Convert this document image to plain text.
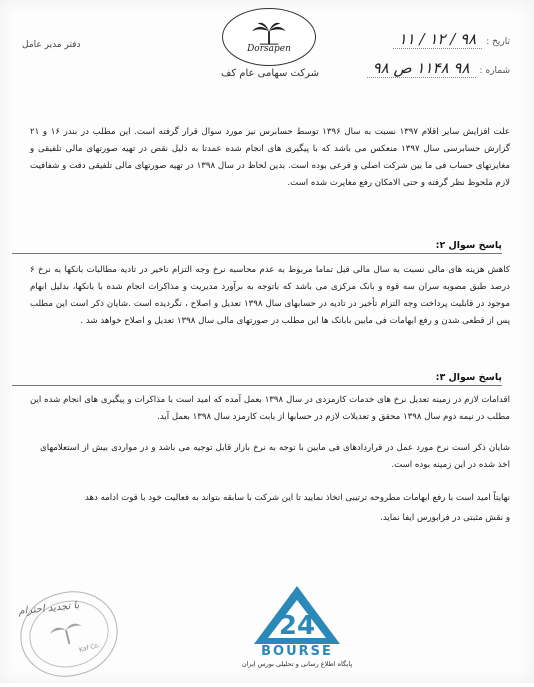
Dorsapen
شرکت سهامی عام کف
دفتر مدیر عامل	تاریخ :
۹۸ / ۱۲ / ۱۱
شماره :
۹۸ ۱۱۴۸ ص ۹۸
علت افزایش سایر اقلام ۱۳۹۷ نسبت به سال ۱۳۹۶ توسط حسابرس نیز مورد سوال قرار گرفته است. این مطلب در بندر ۱۶ و ۲۱ گزارش حسابرسی سال ۱۳۹۷ منعکس می باشد که با پیگیری های انجام شده عمدتا به دلیل نقص در تهیه صورتهای مالی تلفیقی و مغایرتهای حساب فی ما بین شرکت اصلی و فرعی بوده است. بدین لحاظ در سال ۱۳۹۸ در تهیه صورتهای مالی تلفیقی دقت و شفافیت لازم ملحوظ نظر گرفته و حتی الامکان رفع مغایرت شده است.
پاسخ سوال ۲:
کاهش هزینه های مالی نسبت به سال مالی قبل تماما مربوط به عدم محاسبه نرخ وجه التزام تاخیر در تادیه مطالبات بانکها به نرخ ۶ درصد طبق مصوبه سران سه قوه و بانک مرکزی می باشد که باتوجه به برآورد مدیریت و مذاکرات انجام شده با بانکها، بدلیل ابهام موجود در قابلیت پرداخت وجه التزام تأخیر در تادیه در حسابهای سال ۱۳۹۸ تعدیل و اصلاح ، نگردیده است .شایان ذکر است این مطلب پس از قطعی شدن و رفع ابهامات فی مابین بابانک ها این مطلب در صورتهای مالی سال ۱۳۹۸ تعدیل و اصلاح خواهد شد .
پاسخ سوال ۳:
اقدامات لازم در زمینه تعدیل نرخ های خدمات کارمزدی در سال ۱۳۹۸ بعمل آمده که امید است با مذاکرات و پیگیری های انجام شده این مطلب در نیمه دوم سال ۱۳۹۸ محقق و تعدیلات لازم در حسابها از بابت کارمزد سال ۱۳۹۸ بعمل آید.
شایان ذکر است نرخ مورد عمل در قراردادهای فی مابین با توجه به نرخ بازار قابل توجیه می باشد و در مواردی بیش از استعلامهای اخذ شده در این زمینه بوده است.
نهایتاً امید است با رفع ابهامات مطروحه ترتیبی اتخاذ نمایید تا این شرکت با سابقه بتواند به فعالیت خود با قوت ادامه دهد
و نقش مثبتی در فرابورس ایفا نماید.
با تجدید احترام
Kaf Co.
24
BOURSE
پایگاه اطلاع رسانی و تحلیلی بورس ایران
